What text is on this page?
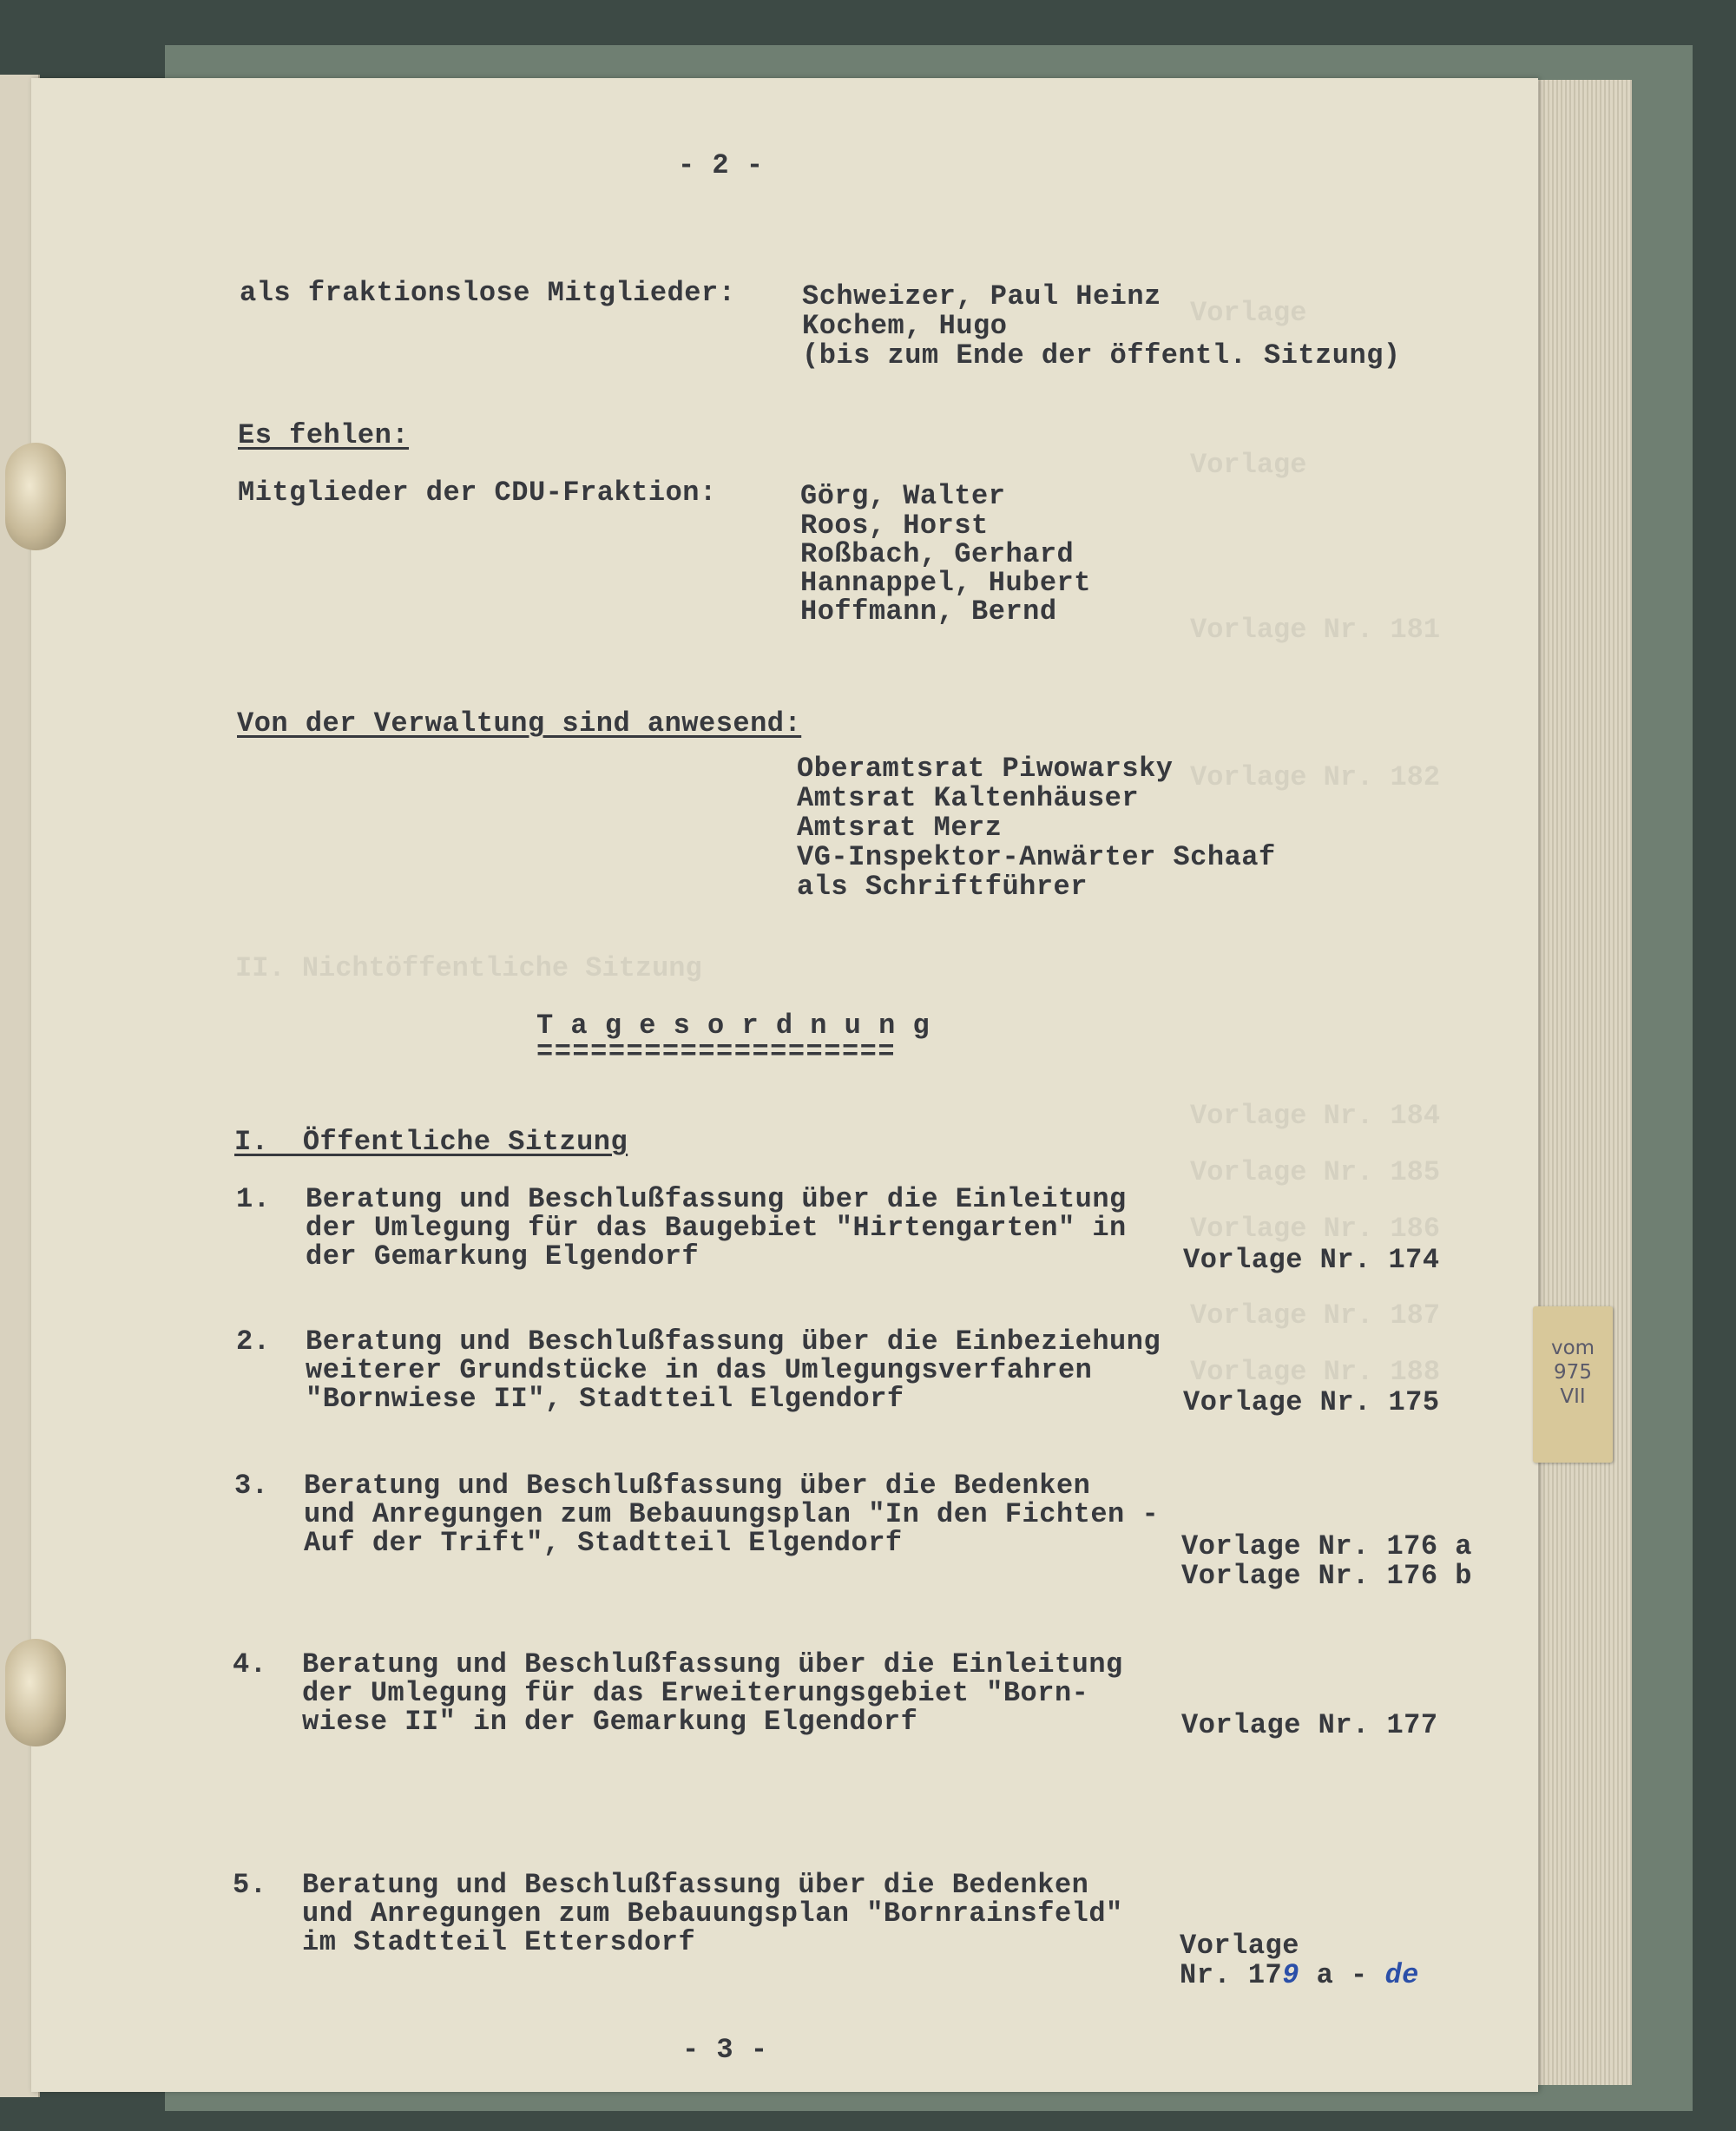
Vorlage
Vorlage
Vorlage Nr. 181
Vorlage Nr. 182
Vorlage Nr. 184
Vorlage Nr. 185
Vorlage Nr. 186
Vorlage Nr. 187
Vorlage Nr. 188
II. Nichtöffentliche Sitzung
- 2 -
als fraktionslose Mitglieder: Schweizer, Paul Heinz
Kochem, Hugo
(bis zum Ende der öffentl. Sitzung)
Es fehlen:
Mitglieder der CDU-Fraktion:	Görg, Walter
Roos, Horst
Roßbach, Gerhard
Hannappel, Hubert
Hoffmann, Bernd
Von der Verwaltung sind anwesend:
Oberamtsrat Piwowarsky
Amtsrat Kaltenhäuser
Amtsrat Merz
VG-Inspektor-Anwärter Schaaf
als Schriftführer
T a g e s o r d n u n g
====================
I.  Öffentliche Sitzung
1. Beratung und Beschlußfassung über die Einleitung
der Umlegung für das Baugebiet "Hirtengarten" in
der Gemarkung Elgendorf	Vorlage Nr. 174
2. Beratung und Beschlußfassung über die Einbeziehung
weiterer Grundstücke in das Umlegungsverfahren
"Bornwiese II", Stadtteil Elgendorf	Vorlage Nr. 175
3. Beratung und Beschlußfassung über die Bedenken
und Anregungen zum Bebauungsplan "In den Fichten -
Auf der Trift", Stadtteil Elgendorf	Vorlage Nr. 176 a
Vorlage Nr. 176 b
4. Beratung und Beschlußfassung über die Einleitung
der Umlegung für das Erweiterungsgebiet "Born-
wiese II" in der Gemarkung Elgendorf	Vorlage Nr. 177
5. Beratung und Beschlußfassung über die Bedenken
und Anregungen zum Bebauungsplan "Bornrainsfeld"
im Stadtteil Ettersdorf	Vorlage
Nr. 179 a - de
- 3 -
vom
975
VII
